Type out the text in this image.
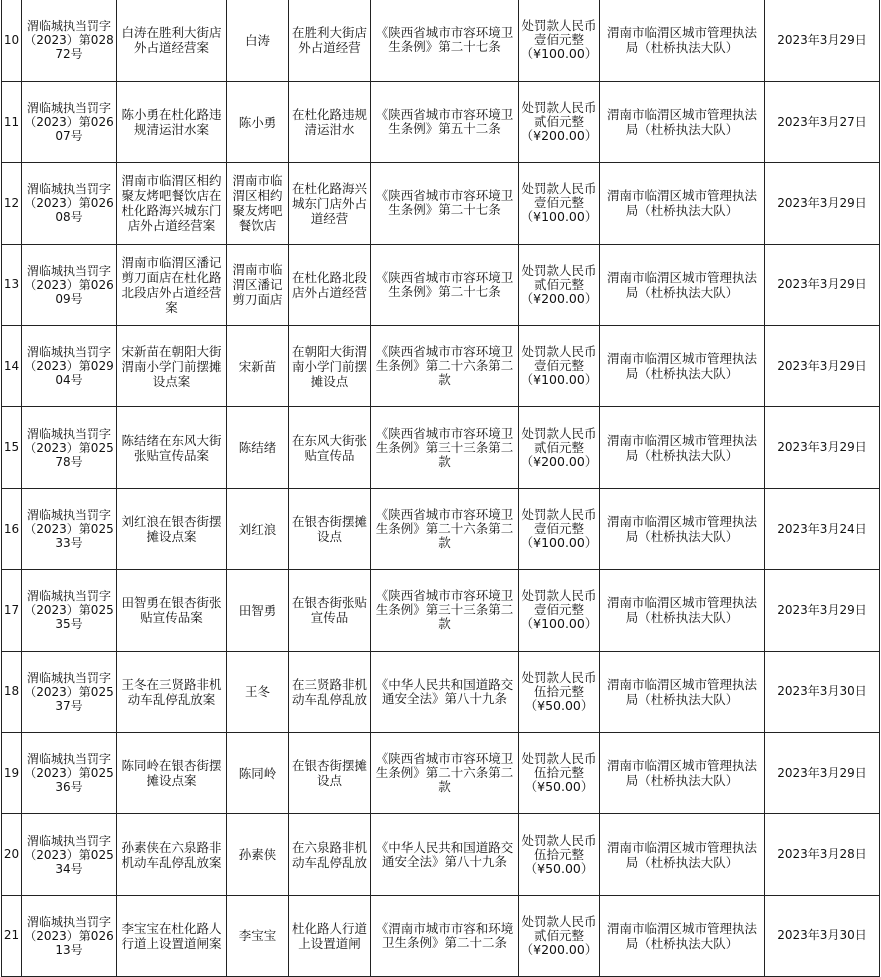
10	渭临城执当罚字（2023）第02872号	白涛在胜利大街店外占道经营案	白涛	在胜利大街店外占道经营	《陕西省城市市容环境卫生条例》第二十七条	处罚款人民币壹佰元整（¥100.00）	渭南市临渭区城市管理执法局（杜桥执法大队）	2023年3月29日
11	渭临城执当罚字（2023）第02607号	陈小勇在杜化路违规清运泔水案	陈小勇	在杜化路违规清运泔水	《陕西省城市市容环境卫生条例》第五十二条	处罚款人民币贰佰元整（¥200.00）	渭南市临渭区城市管理执法局（杜桥执法大队）	2023年3月27日
12	渭临城执当罚字（2023）第02608号	渭南市临渭区相约聚友烤吧餐饮店在杜化路海兴城东门店外占道经营案	渭南市临渭区相约聚友烤吧餐饮店	在杜化路海兴城东门店外占道经营	《陕西省城市市容环境卫生条例》第二十七条	处罚款人民币壹佰元整（¥100.00）	渭南市临渭区城市管理执法局（杜桥执法大队）	2023年3月29日
13	渭临城执当罚字（2023）第02609号	渭南市临渭区潘记剪刀面店在杜化路北段店外占道经营案	渭南市临渭区潘记剪刀面店	在杜化路北段店外占道经营	《陕西省城市市容环境卫生条例》第二十七条	处罚款人民币贰佰元整（¥200.00）	渭南市临渭区城市管理执法局（杜桥执法大队）	2023年3月29日
14	渭临城执当罚字（2023）第02904号	宋新苗在朝阳大街渭南小学门前摆摊设点案	宋新苗	在朝阳大街渭南小学门前摆摊设点	《陕西省城市市容环境卫生条例》第二十六条第二款	处罚款人民币壹佰元整（¥100.00）	渭南市临渭区城市管理执法局（杜桥执法大队）	2023年3月29日
15	渭临城执当罚字（2023）第02578号	陈结绪在东风大街张贴宣传品案	陈结绪	在东风大街张贴宣传品	《陕西省城市市容环境卫生条例》第三十三条第二款	处罚款人民币贰佰元整（¥200.00）	渭南市临渭区城市管理执法局（杜桥执法大队）	2023年3月29日
16	渭临城执当罚字（2023）第02533号	刘红浪在银杏街摆摊设点案	刘红浪	在银杏街摆摊设点	《陕西省城市市容环境卫生条例》第二十六条第二款	处罚款人民币壹佰元整（¥100.00）	渭南市临渭区城市管理执法局（杜桥执法大队）	2023年3月24日
17	渭临城执当罚字（2023）第02535号	田智勇在银杏街张贴宣传品案	田智勇	在银杏街张贴宣传品	《陕西省城市市容环境卫生条例》第三十三条第二款	处罚款人民币壹佰元整（¥100.00）	渭南市临渭区城市管理执法局（杜桥执法大队）	2023年3月29日
18	渭临城执当罚字（2023）第02537号	王冬在三贤路非机动车乱停乱放案	王冬	在三贤路非机动车乱停乱放	《中华人民共和国道路交通安全法》第八十九条	处罚款人民币伍拾元整（¥50.00）	渭南市临渭区城市管理执法局（杜桥执法大队）	2023年3月30日
19	渭临城执当罚字（2023）第02536号	陈同岭在银杏街摆摊设点案	陈同岭	在银杏街摆摊设点	《陕西省城市市容环境卫生条例》第二十六条第二款	处罚款人民币伍拾元整（¥50.00）	渭南市临渭区城市管理执法局（杜桥执法大队）	2023年3月29日
20	渭临城执当罚字（2023）第02534号	孙素侠在六泉路非机动车乱停乱放案	孙素侠	在六泉路非机动车乱停乱放	《中华人民共和国道路交通安全法》第八十九条	处罚款人民币伍拾元整（¥50.00）	渭南市临渭区城市管理执法局（杜桥执法大队）	2023年3月28日
21	渭临城执当罚字（2023）第02613号	李宝宝在杜化路人行道上设置道闸案	李宝宝	杜化路人行道上设置道闸	《渭南市城市市容和环境卫生条例》第二十二条	处罚款人民币贰佰元整（¥200.00）	渭南市临渭区城市管理执法局（杜桥执法大队）	2023年3月30日
